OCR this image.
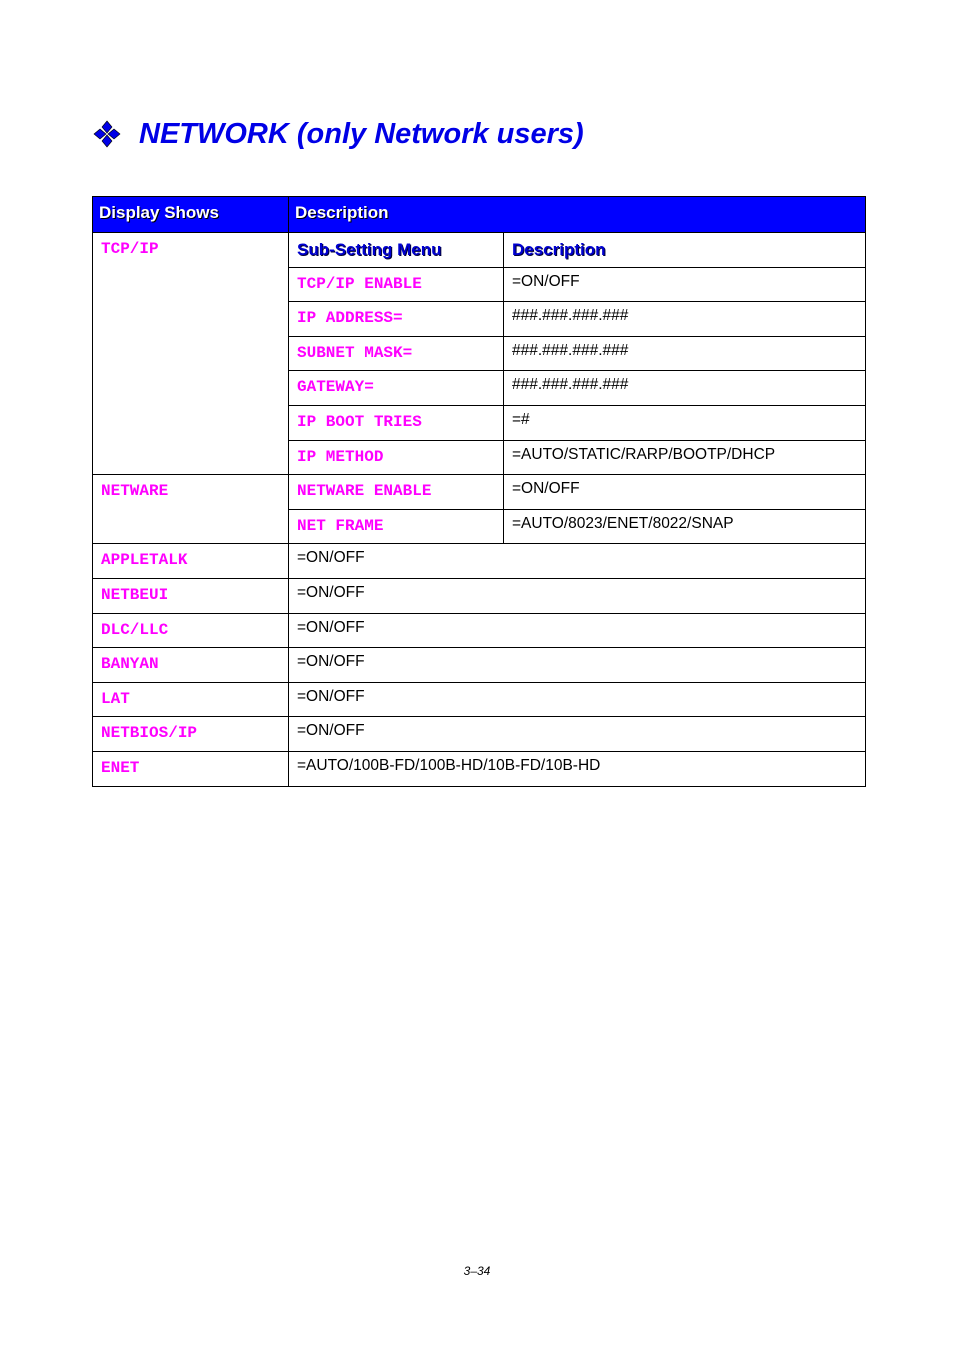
NETWORK (only Network users)
Display Shows	Description	

TCP/IP	Sub-Setting Menu	Description

	TCP/IP ENABLE	=ON/OFF

	IP ADDRESS=	###.###.###.###

	SUBNET MASK=	###.###.###.###

	GATEWAY=	###.###.###.###

	IP BOOT TRIES	=#

	IP METHOD	=AUTO/STATIC/RARP/BOOTP/DHCP

NETWARE	NETWARE ENABLE	=ON/OFF

	NET FRAME	=AUTO/8023/ENET/8022/SNAP

APPLETALK	=ON/OFF	

NETBEUI	=ON/OFF	

DLC/LLC	=ON/OFF	

BANYAN	=ON/OFF	

LAT	=ON/OFF	

NETBIOS/IP	=ON/OFF	

ENET	=AUTO/100B-FD/100B-HD/10B-FD/10B-HD	
3–34
